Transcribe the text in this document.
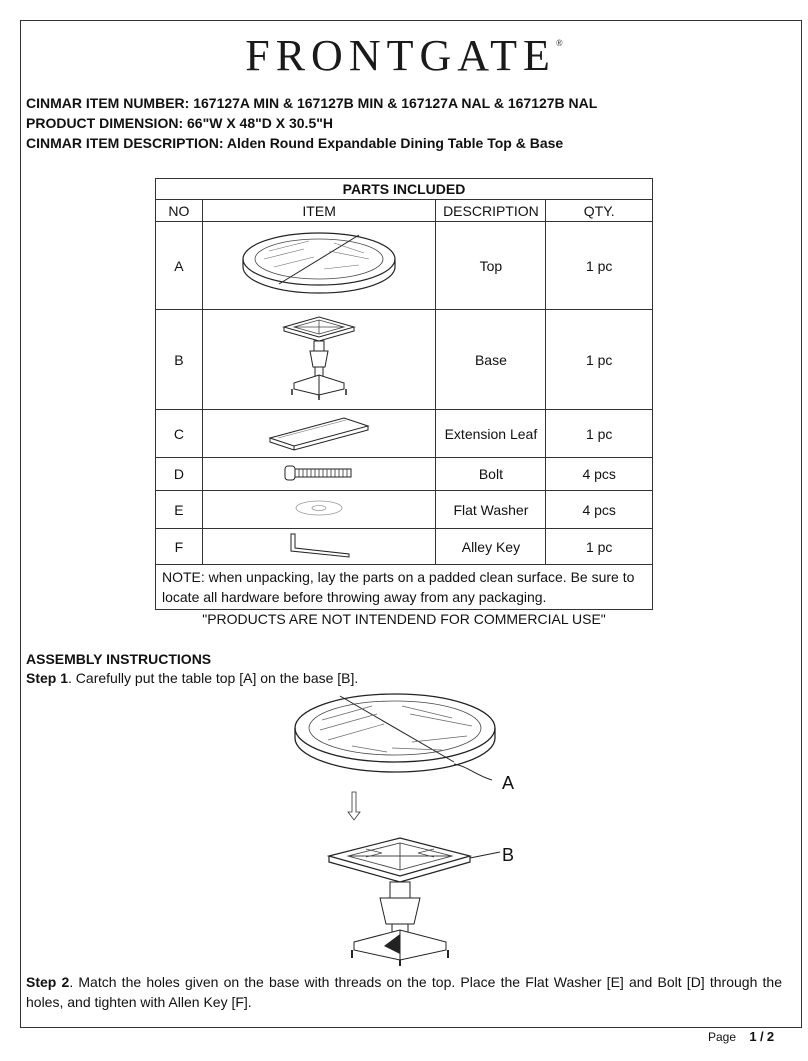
FRONTGATE®
CINMAR ITEM NUMBER: 167127A MIN & 167127B MIN & 167127A NAL & 167127B NAL
PRODUCT DIMENSION: 66"W X 48"D X 30.5"H
CINMAR ITEM DESCRIPTION: Alden Round Expandable Dining Table Top & Base
PARTS INCLUDED			
NO	ITEM	DESCRIPTION	QTY.
A		Top	1 pc
B		Base	1 pc
C		Extension Leaf	1 pc
D		Bolt	4 pcs
E		Flat Washer	4 pcs
F		Alley Key	1 pc
NOTE: when unpacking, lay the parts on a padded clean surface. Be sure to locate all hardware before throwing away from any packaging.			
"PRODUCTS ARE NOT INTENDEND FOR COMMERCIAL USE"
ASSEMBLY INSTRUCTIONS
Step 1. Carefully put the table top [A] on the base [B].
A
B
Step 2. Match the holes given on the base with threads on the top. Place the Flat Washer [E] and Bolt [D] through the holes, and tighten with Allen Key [F].
Page 1 / 2
